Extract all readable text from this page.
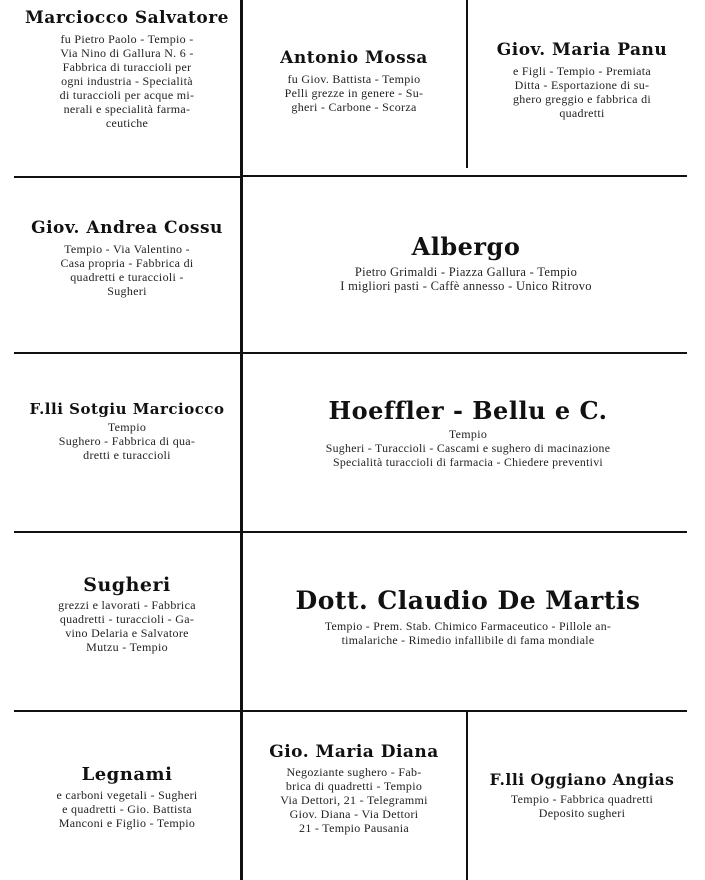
Marciocco Salvatore
fu Pietro Paolo - Tempio -
Via Nino di Gallura N. 6 -
Fabbrica di turaccioli per
ogni industria - Specialità
di turaccioli per acque mi-
nerali e specialità farma-
ceutiche
Antonio Mossa
fu Giov. Battista - Tempio
Pelli grezze in genere - Su-
gheri - Carbone - Scorza
Giov. Maria Panu
e Figli - Tempio - Premiata
Ditta - Esportazione di su-
ghero greggio e fabbrica di
quadretti
Giov. Andrea Cossu
Tempio - Via Valentino -
Casa propria - Fabbrica di
quadretti e turaccioli -
Sugheri
Albergo
Pietro Grimaldi - Piazza Gallura - Tempio
I migliori pasti - Caffè annesso - Unico Ritrovo
F.lli Sotgiu Marciocco
Tempio
Sughero - Fabbrica di qua-
dretti e turaccioli
Hoeffler - Bellu e C.
Tempio
Sugheri - Turaccioli - Cascami e sughero di macinazione
Specialità turaccioli di farmacia - Chiedere preventivi
Sugheri
grezzi e lavorati - Fabbrica
quadretti - turaccioli - Ga-
vino Delaria e Salvatore
Mutzu - Tempio
Dott. Claudio De Martis
Tempio - Prem. Stab. Chimico Farmaceutico - Pillole an-
timalariche - Rimedio infallibile di fama mondiale
Legnami
e carboni vegetali - Sugheri
e quadretti - Gio. Battista
Manconi e Figlio - Tempio
Gio. Maria Diana
Negoziante sughero - Fab-
brica di quadretti - Tempio
Via Dettori, 21 - Telegrammi
Giov. Diana - Via Dettori
21 - Tempio Pausania
F.lli Oggiano Angias
Tempio - Fabbrica quadretti
Deposito sugheri
